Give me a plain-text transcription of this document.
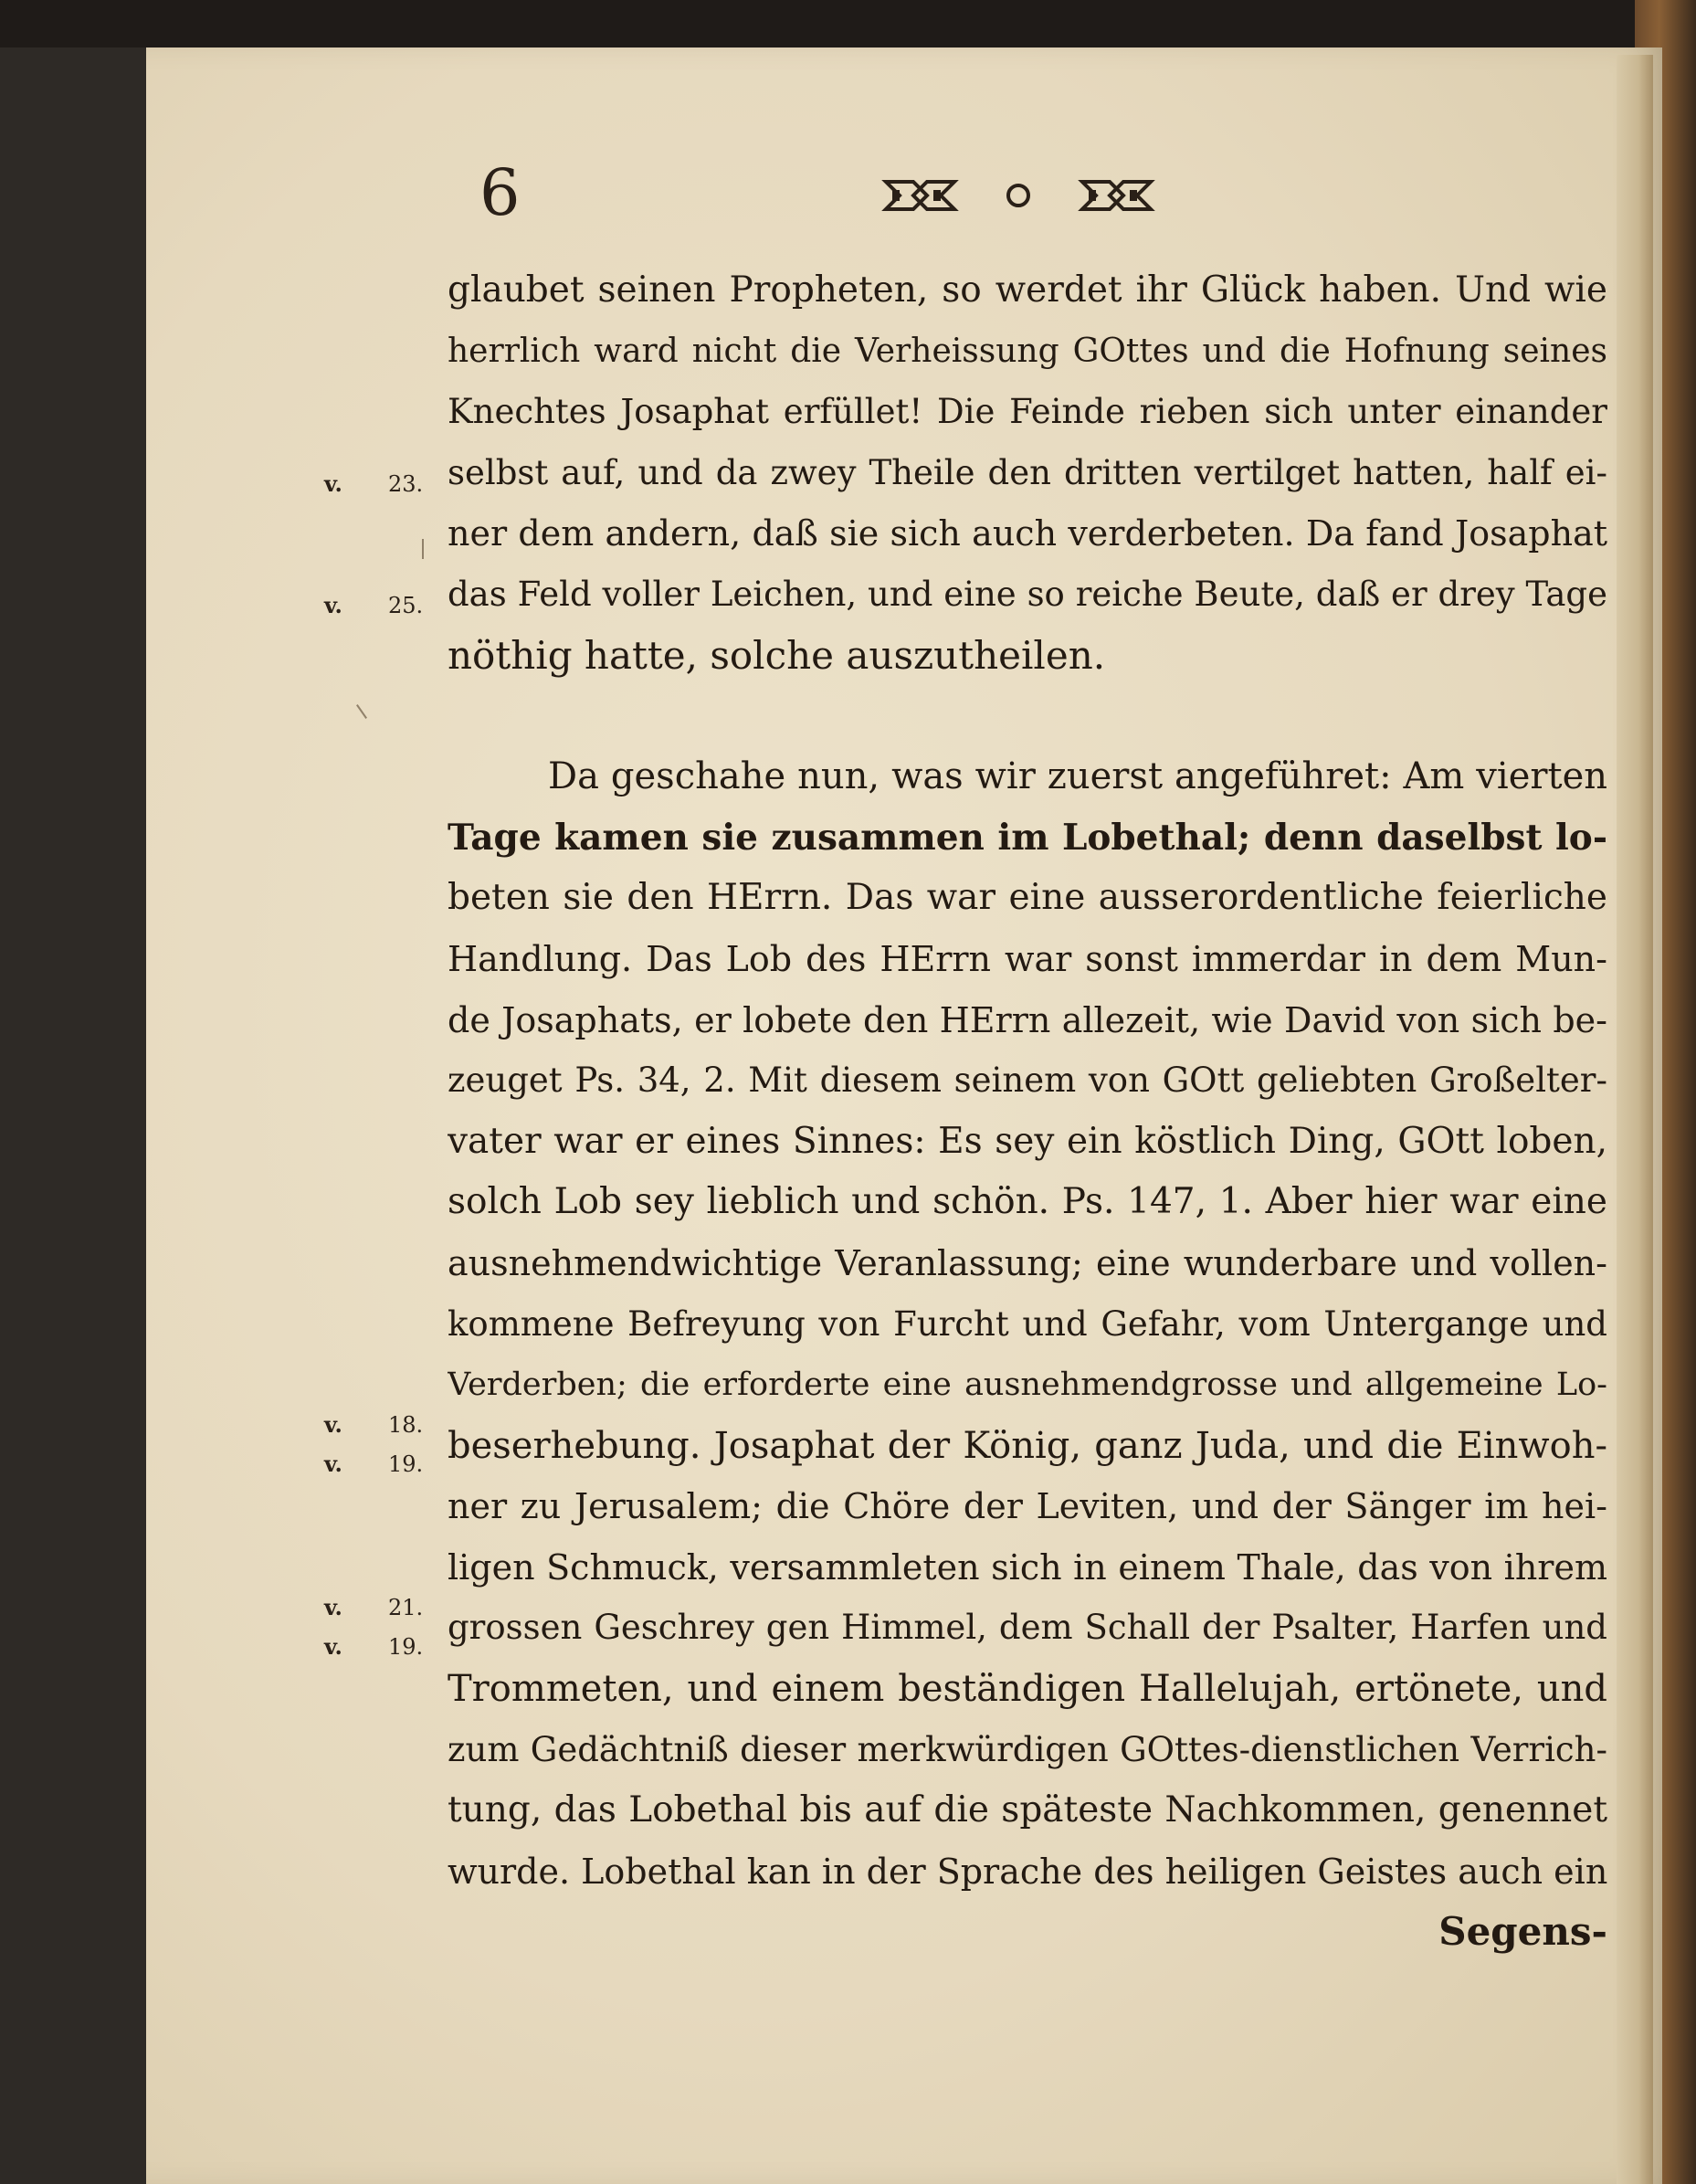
6
v. 23.
v. 25.
v. 18.
v. 19.
v. 21.
v. 19.
glaubet seinen Propheten, so werdet ihr Glück haben. Und wie
herrlich ward nicht die Verheissung GOttes und die Hofnung seines
Knechtes Josaphat erfüllet! Die Feinde rieben sich unter einander
selbst auf, und da zwey Theile den dritten vertilget hatten, half ei-
ner dem andern, daß sie sich auch verderbeten. Da fand Josaphat
das Feld voller Leichen, und eine so reiche Beute, daß er drey Tage
nöthig hatte, solche auszutheilen.
Da geschahe nun, was wir zuerst angeführet: Am vierten
Tage kamen sie zusammen im Lobethal; denn daselbst lo-
beten sie den HErrn. Das war eine ausserordentliche feierliche
Handlung. Das Lob des HErrn war sonst immerdar in dem Mun-
de Josaphats, er lobete den HErrn allezeit, wie David von sich be-
zeuget Ps. 34, 2. Mit diesem seinem von GOtt geliebten Großelter-
vater war er eines Sinnes: Es sey ein köstlich Ding, GOtt loben,
solch Lob sey lieblich und schön. Ps. 147, 1. Aber hier war eine
ausnehmendwichtige Veranlassung; eine wunderbare und vollen-
kommene Befreyung von Furcht und Gefahr, vom Untergange und
Verderben; die erforderte eine ausnehmendgrosse und allgemeine Lo-
beserhebung. Josaphat der König, ganz Juda, und die Einwoh-
ner zu Jerusalem; die Chöre der Leviten, und der Sänger im hei-
ligen Schmuck, versammleten sich in einem Thale, das von ihrem
grossen Geschrey gen Himmel, dem Schall der Psalter, Harfen und
Trommeten, und einem beständigen Hallelujah, ertönete, und
zum Gedächtniß dieser merkwürdigen GOttes-dienstlichen Verrich-
tung, das Lobethal bis auf die späteste Nachkommen, genennet
wurde. Lobethal kan in der Sprache des heiligen Geistes auch ein
Segens-
